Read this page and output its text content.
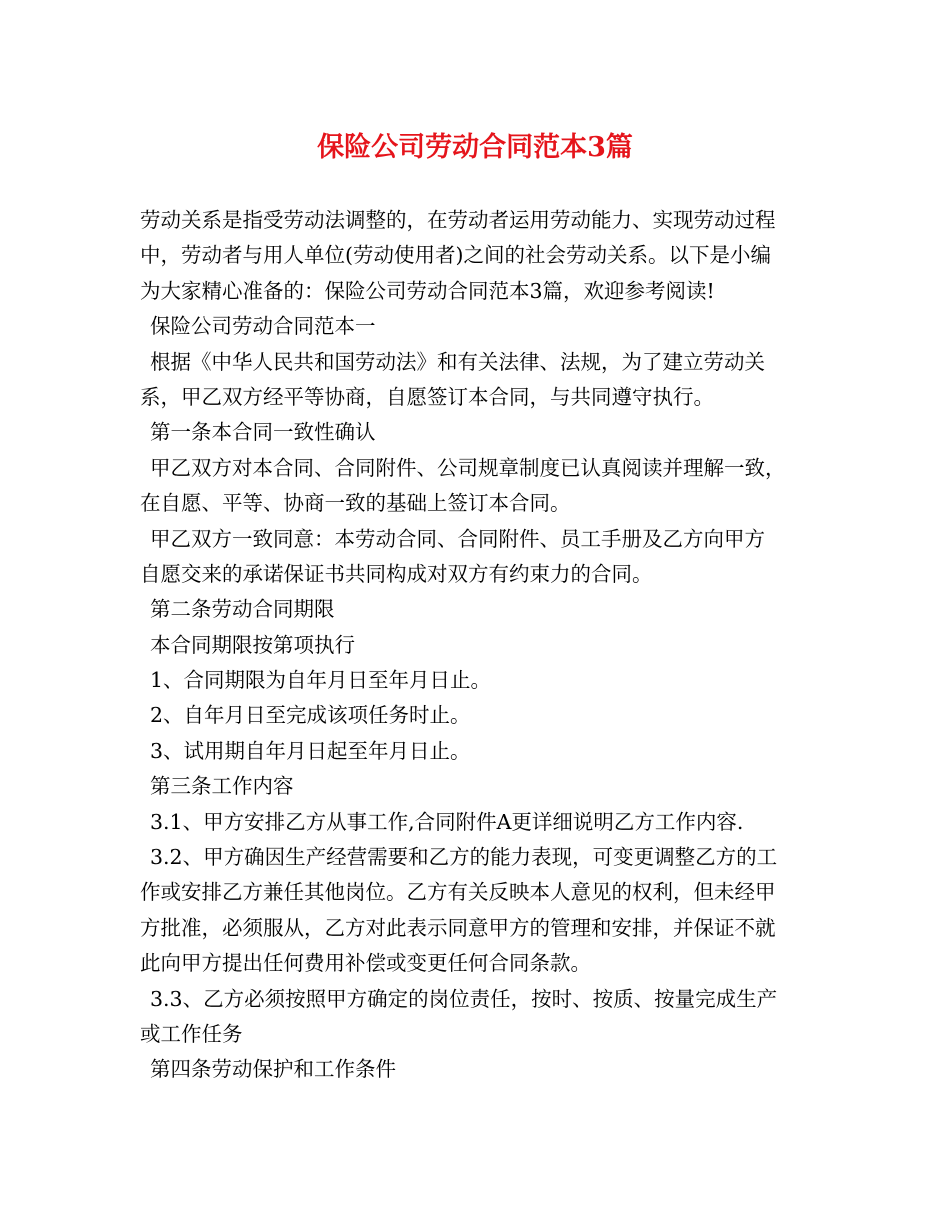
保险公司劳动合同范本3篇
劳动关系是指受劳动法调整的，在劳动者运用劳动能力、实现劳动过程
中，劳动者与用人单位(劳动使用者)之间的社会劳动关系。以下是小编
为大家精心准备的：保险公司劳动合同范本3篇，欢迎参考阅读!
保险公司劳动合同范本一
根据《中华人民共和国劳动法》和有关法律、法规，为了建立劳动关
系，甲乙双方经平等协商，自愿签订本合同，与共同遵守执行。
第一条本合同一致性确认
甲乙双方对本合同、合同附件、公司规章制度已认真阅读并理解一致，
在自愿、平等、协商一致的基础上签订本合同。
甲乙双方一致同意：本劳动合同、合同附件、员工手册及乙方向甲方
自愿交来的承诺保证书共同构成对双方有约束力的合同。
第二条劳动合同期限
本合同期限按第项执行
1、合同期限为自年月日至年月日止。
2、自年月日至完成该项任务时止。
3、试用期自年月日起至年月日止。
第三条工作内容
3.1、甲方安排乙方从事工作,合同附件A更详细说明乙方工作内容.
3.2、甲方确因生产经营需要和乙方的能力表现，可变更调整乙方的工
作或安排乙方兼任其他岗位。乙方有关反映本人意见的权利，但未经甲
方批准，必须服从，乙方对此表示同意甲方的管理和安排，并保证不就
此向甲方提出任何费用补偿或变更任何合同条款。
3.3、乙方必须按照甲方确定的岗位责任，按时、按质、按量完成生产
或工作任务
第四条劳动保护和工作条件
